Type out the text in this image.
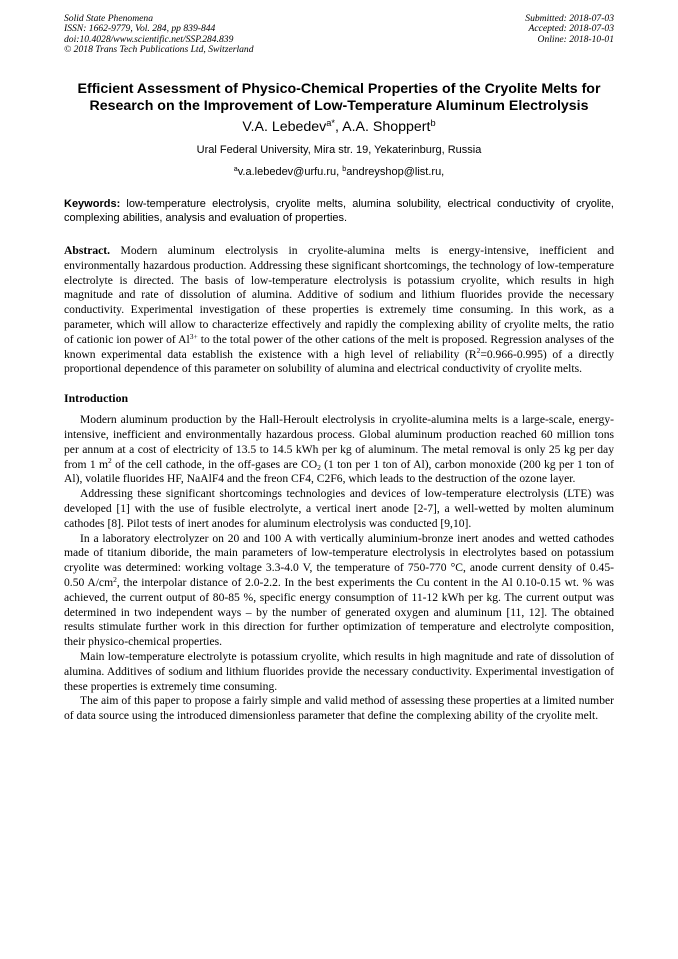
Solid State Phenomena
ISSN: 1662-9779, Vol. 284, pp 839-844
doi:10.4028/www.scientific.net/SSP.284.839
© 2018 Trans Tech Publications Ltd, Switzerland
Submitted: 2018-07-03
Accepted: 2018-07-03
Online: 2018-10-01
Efficient Assessment of Physico-Chemical Properties of the Cryolite Melts for Research on the Improvement of Low-Temperature Aluminum Electrolysis
V.A. Lebedev$^{a*}$, A.A. Shoppert$^b$
Ural Federal University, Mira str. 19, Yekaterinburg, Russia
$^a$v.a.lebedev@urfu.ru, $^b$andreyshop@list.ru,
Keywords: low-temperature electrolysis, cryolite melts, alumina solubility, electrical conductivity of cryolite, complexing abilities, analysis and evaluation of properties.
Abstract. Modern aluminum electrolysis in cryolite-alumina melts is energy-intensive, inefficient and environmentally hazardous production. Addressing these significant shortcomings, the technology of low-temperature electrolyte is directed. The basis of low-temperature electrolysis is potassium cryolite, which results in high magnitude and rate of dissolution of alumina. Additive of sodium and lithium fluorides provide the necessary conductivity. Experimental investigation of these properties is extremely time consuming. In this work, as a parameter, which will allow to characterize effectively and rapidly the complexing ability of cryolite melts, the ratio of cationic ion power of $Al^{3+}$ to the total power of the other cations of the melt is proposed. Regression analyses of the known experimental data establish the existence with a high level of reliability $(R^2=0.966-0.995)$ of a directly proportional dependence of this parameter on solubility of alumina and electrical conductivity of cryolite melts.
Introduction

Modern aluminum production by the Hall-Heroult electrolysis in cryolite-alumina melts is a large-scale, energy-intensive, inefficient and environmentally hazardous process. Global aluminum production reached 60 million tons per annum at a cost of electricity of 13.5 to 14.5 kWh per kg of aluminum. The metal removal is only 25 kg per day from 1 $m^2$ of the cell cathode, in the off-gases are $CO_2$ (1 ton per 1 ton of Al), carbon monoxide (200 kg per 1 ton of Al), volatile fluorides HF, NaAlF4 and the freon CF4, C2F6, which leads to the destruction of the ozone layer.

Addressing these significant shortcomings technologies and devices of low-temperature electrolysis (LTE) was developed [1] with the use of fusible electrolyte, a vertical inert anode [2-7], a well-wetted by molten aluminum cathodes [8]. Pilot tests of inert anodes for aluminum electrolysis was conducted [9,10].

In a laboratory electrolyzer on 20 and 100 A with vertically aluminium-bronze inert anodes and wetted cathodes made of titanium diboride, the main parameters of low-temperature electrolysis in electrolytes based on potassium cryolite was determined: working voltage 3.3-4.0 V, the temperature of 750-770 °C, anode current density of 0.45-0.50 $A/cm^2$, the interpolar distance of 2.0-2.2. In the best experiments the Cu content in the Al 0.10-0.15 wt. % was achieved, the current output of 80-85 %, specific energy consumption of 11-12 kWh per kg. The current output was determined in two independent ways – by the number of generated oxygen and aluminum [11, 12]. The obtained results stimulate further work in this direction for further optimization of temperature and electrolyte composition, their physico-chemical properties.

Main low-temperature electrolyte is potassium cryolite, which results in high magnitude and rate of dissolution of alumina. Additives of sodium and lithium fluorides provide the necessary conductivity. Experimental investigation of these properties is extremely time consuming.

The aim of this paper to propose a fairly simple and valid method of assessing these properties at a limited number of data source using the introduced dimensionless parameter that define the complexing ability of the cryolite melt.
